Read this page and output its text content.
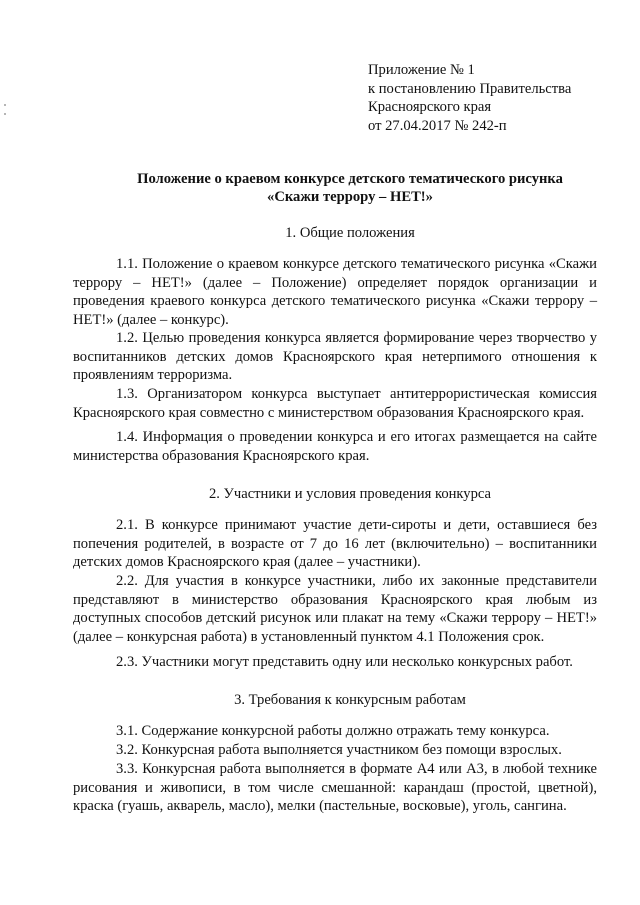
Приложение № 1
к постановлению Правительства
Красноярского края
от 27.04.2017 № 242-п
Положение о краевом конкурсе детского тематического рисунка
«Скажи террору – НЕТ!»
1. Общие положения
1.1. Положение о краевом конкурсе детского тематического рисунка «Скажи террору – НЕТ!» (далее – Положение) определяет порядок организации и проведения краевого конкурса детского тематического рисунка «Скажи террору – НЕТ!» (далее – конкурс).
1.2. Целью проведения конкурса является формирование через творчество у воспитанников детских домов Красноярского края нетерпимого отношения к проявлениям терроризма.
1.3. Организатором конкурса выступает антитеррористическая комиссия Красноярского края совместно с министерством образования Красноярского края.
1.4. Информация о проведении конкурса и его итогах размещается на сайте министерства образования Красноярского края.
2. Участники и условия проведения конкурса
2.1. В конкурсе принимают участие дети-сироты и дети, оставшиеся без попечения родителей, в возрасте от 7 до 16 лет (включительно) – воспитанники детских домов Красноярского края (далее – участники).
2.2. Для участия в конкурсе участники, либо их законные представители представляют в министерство образования Красноярского края любым из доступных способов детский рисунок или плакат на тему «Скажи террору – НЕТ!» (далее – конкурсная работа) в установленный пунктом 4.1 Положения срок.
2.3. Участники могут представить одну или несколько конкурсных работ.
3. Требования к конкурсным работам
3.1. Содержание конкурсной работы должно отражать тему конкурса.
3.2. Конкурсная работа выполняется участником без помощи взрослых.
3.3. Конкурсная работа выполняется в формате А4 или А3, в любой технике рисования и живописи, в том числе смешанной: карандаш (простой, цветной), краска (гуашь, акварель, масло), мелки (пастельные, восковые), уголь, сангина.
